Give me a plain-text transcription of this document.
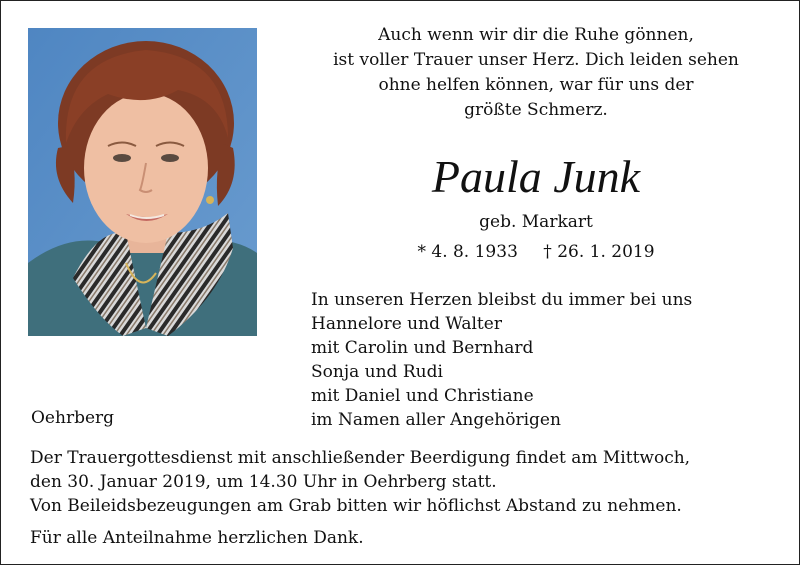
Auch wenn wir dir die Ruhe gönnen,
ist voller Trauer unser Herz. Dich leiden sehen
ohne helfen können, war für uns der
größte Schmerz.
Paula Junk
geb. Markart
* 4. 8. 1933 † 26. 1. 2019
In unseren Herzen bleibst du immer bei uns
Hannelore und Walter
mit Carolin und Bernhard
Sonja und Rudi
mit Daniel und Christiane
im Namen aller Angehörigen
Oehrberg
Der Trauergottesdienst mit anschließender Beerdigung findet am Mittwoch,
den 30. Januar 2019, um 14.30 Uhr in Oehrberg statt.
Von Beileidsbezeugungen am Grab bitten wir höflichst Abstand zu nehmen.
Für alle Anteilnahme herzlichen Dank.
